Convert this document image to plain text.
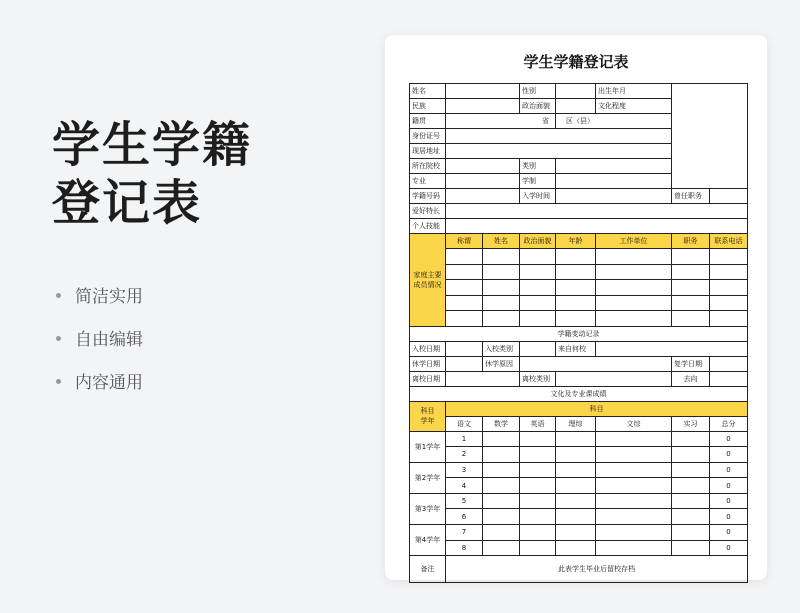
学生学籍
登记表
简洁实用
自由编辑
内容通用
学生学籍登记表
姓名			性别		出生年月		
民族			政治面貌		文化程度		
籍贯	省			区（县）			
身份证号							
现居地址							
所在院校			类别				
专业			学制				
学籍号码			入学时间			曾任职务	
爱好特长							
个人技能							
家庭主要成员情况	称谓	姓名	政治面貌	年龄	工作单位	职务	联系电话

学籍变动记录							
入校日期		入校类别		来自何校			
休学日期		休学原因				复学日期	
离校日期			离校类别			去向	
文化及专业课成绩							

科目
学年	科目						
	语文	数学	英语	理综	文综	实习	总分
第1学年	1						0
	2						0
第2学年	3						0
	4						0
第3学年	5						0
	6						0
第4学年	7						0
	8						0
备注	此表学生毕业后留校存档						
